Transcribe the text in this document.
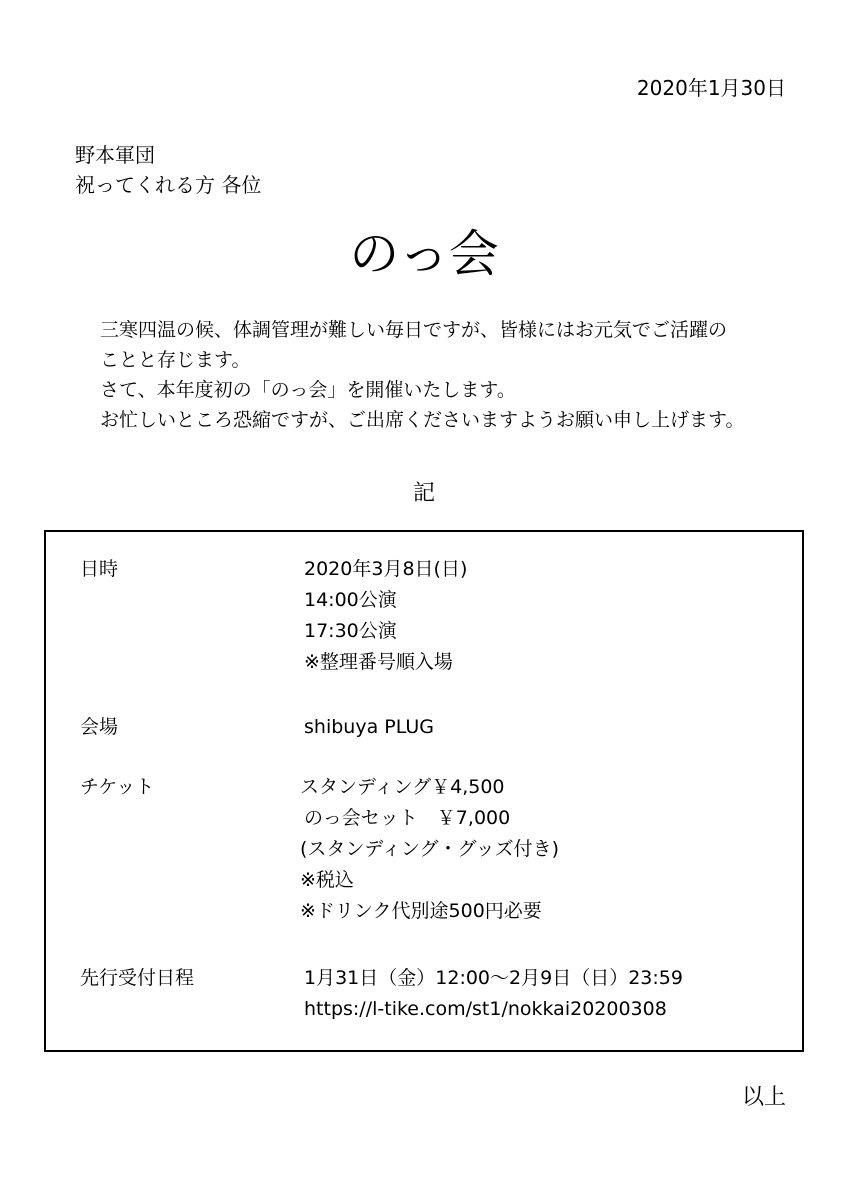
2020年1月30日
野本軍団
祝ってくれる方 各位
のっ会
三寒四温の候、体調管理が難しい毎日ですが、皆様にはお元気でご活躍の
ことと存じます。
さて、本年度初の「のっ会」を開催いたします。
お忙しいところ恐縮ですが、ご出席くださいますようお願い申し上げます。
記
日時	2020年3月8日(日)
14:00公演
17:30公演
※整理番号順入場
会場	shibuya PLUG
チケット	スタンディング￥4,500
のっ会セット　￥7,000
(スタンディング・グッズ付き)
※税込
※ドリンク代別途500円必要
先行受付日程	1月31日（金）12:00～2月9日（日）23:59
https://l-tike.com/st1/nokkai20200308
以上
